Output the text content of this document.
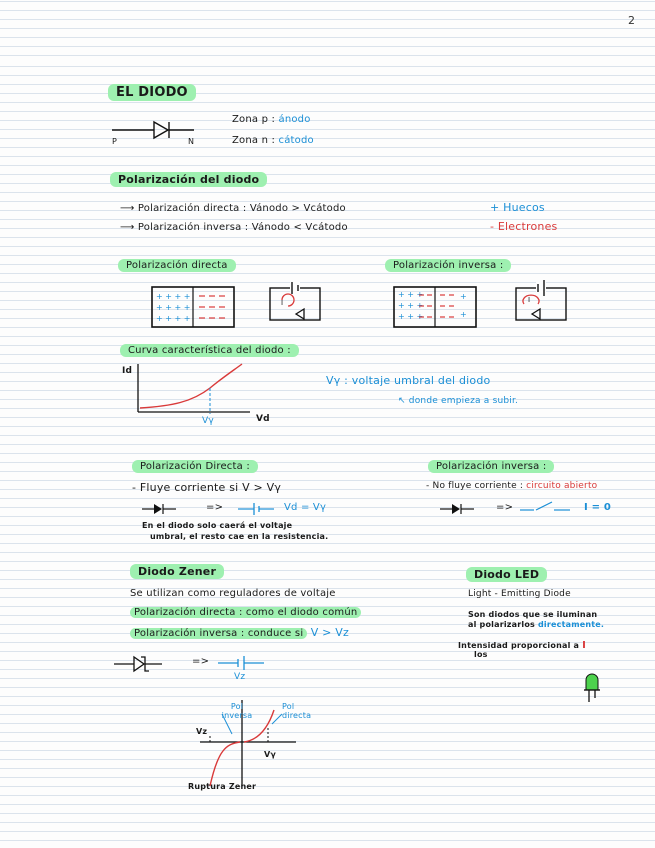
2
EL DIODO
P	N
Zona p : ánodo
Zona n : cátodo
Polarización del diodo
⟶ Polarización directa : Vánodo > Vcátodo
⟶ Polarización inversa : Vánodo < Vcátodo
+ Huecos
- Electrones
Polarización directa	Polarización inversa :
+ + + +
+ + + +
+ + + +
I
+ + +
+ + +
+ + +
+
+
I
Curva característica del diodo :
Id
Vd
Vγ
Vγ : voltaje umbral del diodo
↖ donde empieza a subir.
Polarización Directa :
- Fluye corriente si V > Vγ
=>	Vd = Vγ
En el diodo solo caerá el voltaje
umbral, el resto cae en la resistencia.
Polarización inversa :
- No fluye corriente : circuito abierto
=>	I = 0
Diodo Zener
Se utilizan como reguladores de voltaje
Polarización directa : como el diodo común
Polarización inversa : conduce si V > Vz
=>
Vz
Pol inversa
Pol directa
Vz
Vγ
Ruptura Zener
Diodo LED
Light - Emitting Diode
Son diodos que se iluminan
al polarizarlos directamente.
Intensidad proporcional a I
los
